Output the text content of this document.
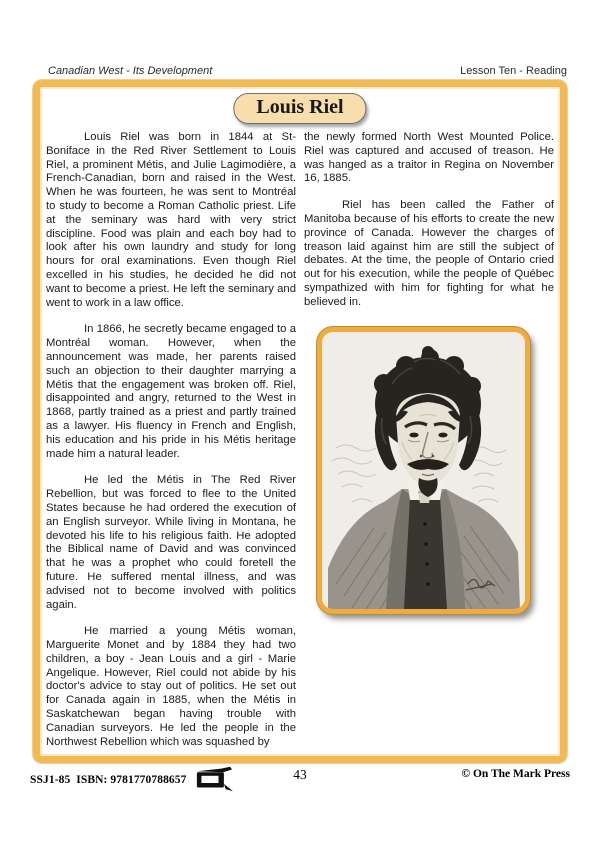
Canadian West - Its Development	Lesson Ten - Reading
Louis Riel

Louis Riel was born in 1844 at St-Boniface in the Red River Settlement to Louis Riel, a prominent Métis, and Julie Lagimodière, a French-Canadian, born and raised in the West. When he was fourteen, he was sent to Montréal to study to become a Roman Catholic priest. Life at the seminary was hard with very strict discipline. Food was plain and each boy had to look after his own laundry and study for long hours for oral examinations. Even though Riel excelled in his studies, he decided he did not want to become a priest. He left the seminary and went to work in a law office.

In 1866, he secretly became engaged to a Montréal woman. However, when the announcement was made, her parents raised such an objection to their daughter marrying a Métis that the engagement was broken off. Riel, disappointed and angry, returned to the West in 1868, partly trained as a priest and partly trained as a lawyer. His fluency in French and English, his education and his pride in his Métis heritage made him a natural leader.

He led the Métis in The Red River Rebellion, but was forced to flee to the United States because he had ordered the execution of an English surveyor. While living in Montana, he devoted his life to his religious faith. He adopted the Biblical name of David and was convinced that he was a prophet who could foretell the future. He suffered mental illness, and was advised not to become involved with politics again.

He married a young Métis woman, Marguerite Monet and by 1884 they had two children, a boy - Jean Louis and a girl - Marie Angelique. However, Riel could not abide by his doctor's advice to stay out of politics. He set out for Canada again in 1885, when the Métis in Saskatchewan began having trouble with Canadian surveyors. He led the people in the Northwest Rebellion which was squashed by

the newly formed North West Mounted Police. Riel was captured and accused of treason. He was hanged as a traitor in Regina on November 16, 1885.

Riel has been called the Father of Manitoba because of his efforts to create the new province of Canada. However the charges of treason laid against him are still the subject of debates. At the time, the people of Ontario cried out for his execution, while the people of Québec sympathized with him for fighting for what he believed in.

SSJ1-85  ISBN: 9781770788657	43	© On The Mark Press
